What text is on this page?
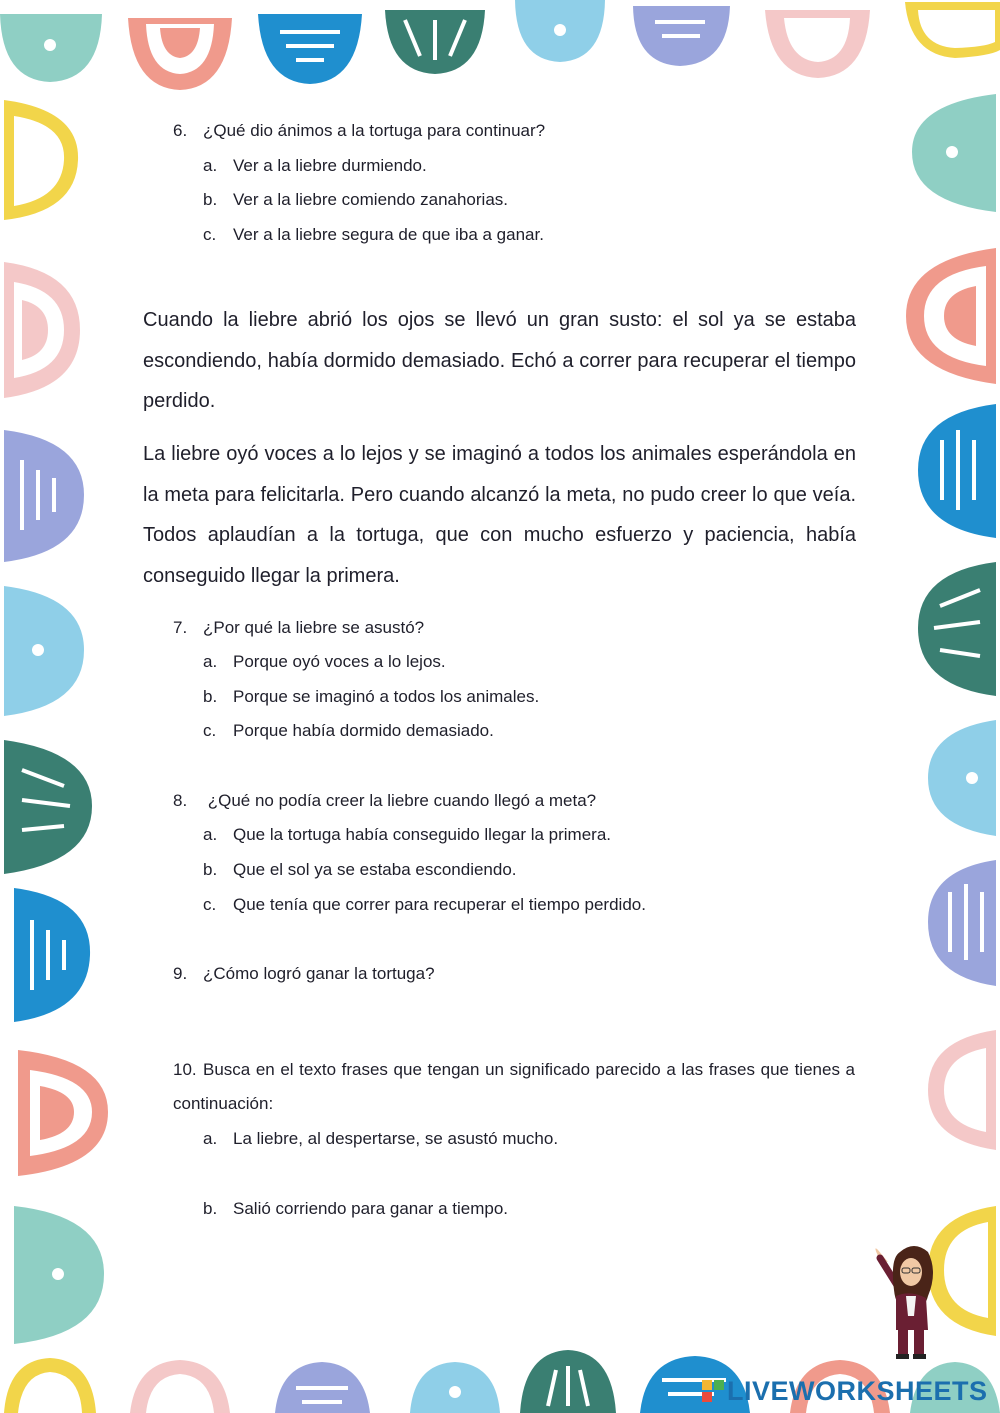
6. ¿Qué dio ánimos a la tortuga para continuar?
a. Ver a la liebre durmiendo.
b. Ver a la liebre comiendo zanahorias.
c. Ver a la liebre segura de que iba a ganar.

Cuando la liebre abrió los ojos se llevó un gran susto: el sol ya se estaba escondiendo, había dormido demasiado. Echó a correr para recuperar el tiempo perdido.

La liebre oyó voces a lo lejos y se imaginó a todos los animales esperándola en la meta para felicitarla. Pero cuando alcanzó la meta, no pudo creer lo que veía. Todos aplaudían a la tortuga, que con mucho esfuerzo y paciencia, había conseguido llegar la primera.

7. ¿Por qué la liebre se asustó?
a. Porque oyó voces a lo lejos.
b. Porque se imaginó a todos los animales.
c. Porque había dormido demasiado.
8. ¿Qué no podía creer la liebre cuando llegó a meta?
a. Que la tortuga había conseguido llegar la primera.
b. Que el sol ya se estaba escondiendo.
c. Que tenía que correr para recuperar el tiempo perdido.
9. ¿Cómo logró ganar la tortuga?
10. Busca en el texto frases que tengan un significado parecido a las frases que tienes a continuación:
a. La liebre, al despertarse, se asustó mucho.
b. Salió corriendo para ganar a tiempo.
LIVEWORKSHEETS
